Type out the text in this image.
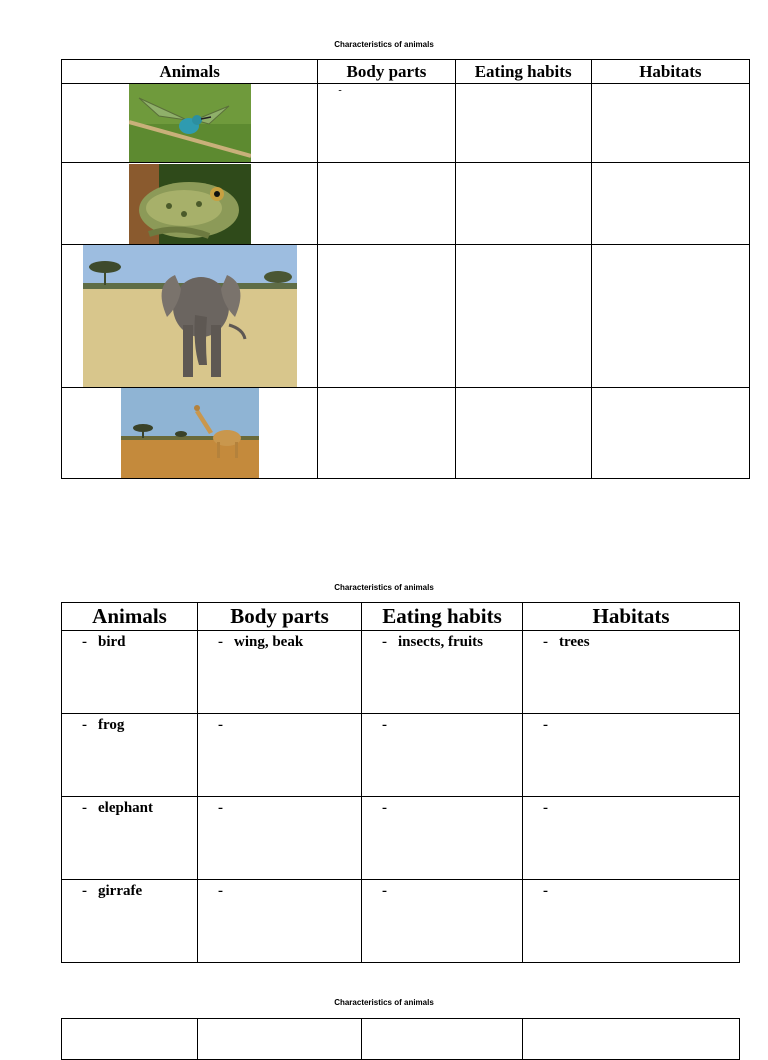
Characteristics of animals
Animals	Body parts	Eating habits	Habitats

-		

Characteristics of animals
Animals	Body parts	Eating habits	Habitats

- bird	- wing, beak	- insects, fruits	- trees

- frog	-	-	-

- elephant	-	-	-

- girrafe	-	-	-
Characteristics of animals
